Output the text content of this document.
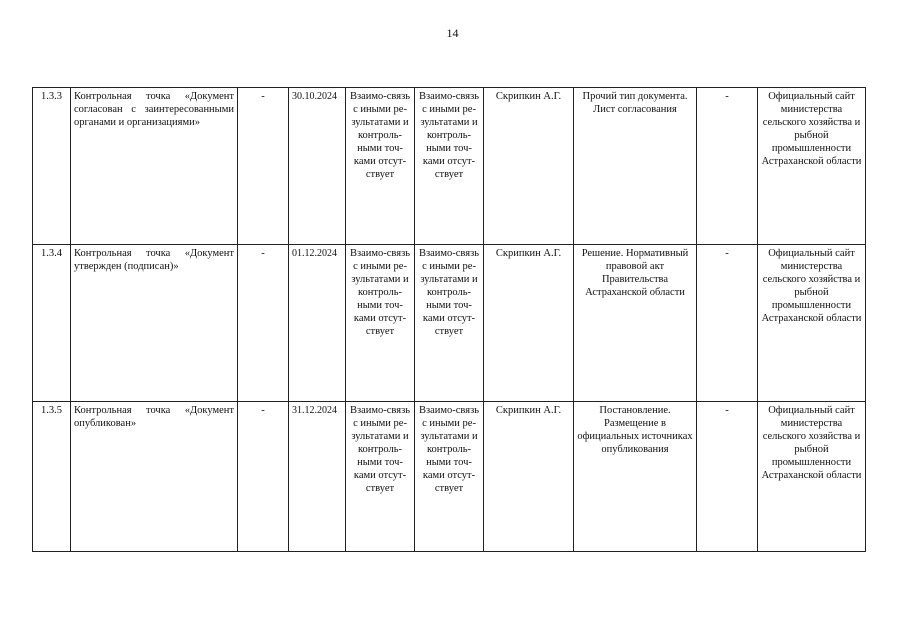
14
1.3.3	Контрольная точка «Документ согласован с заинтересованными органами и организациями»	-	30.10.2024	Взаимо-связь с иными ре-зультатами и контроль-ными точ-ками отсут-ствует	Взаимо-связь с иными ре-зультатами и контроль-ными точ-ками отсут-ствует	Скрипкин А.Г.	Прочий тип документа. Лист согласования	-	Официальный сайт министерства сельского хозяйства и рыбной промышленности Астраханской области
1.3.4	Контрольная точка «Документ утвержден (подписан)»	-	01.12.2024	Взаимо-связь с иными ре-зультатами и контроль-ными точ-ками отсут-ствует	Взаимо-связь с иными ре-зультатами и контроль-ными точ-ками отсут-ствует	Скрипкин А.Г.	Решение. Нормативный правовой акт Правительства Астраханской области	-	Официальный сайт министерства сельского хозяйства и рыбной промышленности Астраханской области
1.3.5	Контрольная точка «Документ опубликован»	-	31.12.2024	Взаимо-связь с иными ре-зультатами и контроль-ными точ-ками отсут-ствует	Взаимо-связь с иными ре-зультатами и контроль-ными точ-ками отсут-ствует	Скрипкин А.Г.	Постановление. Размещение в официальных источниках опубликования	-	Официальный сайт министерства сельского хозяйства и рыбной промышленности Астраханской области
